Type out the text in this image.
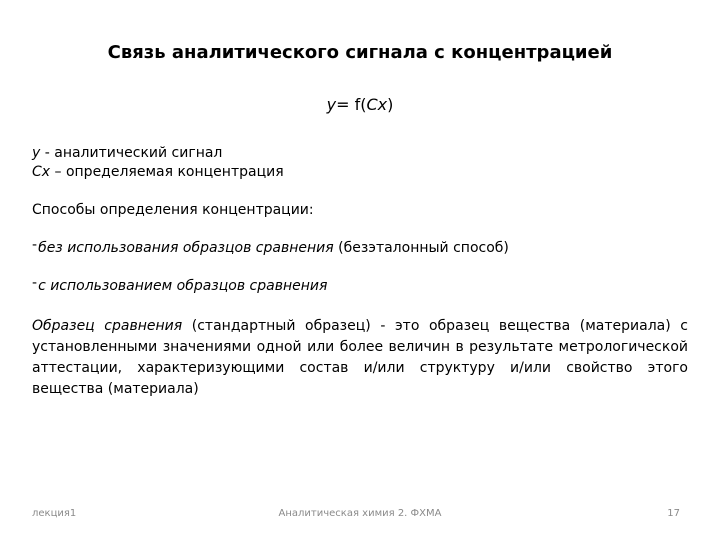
Связь аналитического сигнала с концентрацией
y= f(Cx)
y - аналитический сигнал
Cx – определяемая концентрация
Способы определения концентрации:
-без использования образцов сравнения (безэталонный способ)
-с использованием образцов сравнения
Образец сравнения (стандартный образец) - это образец вещества (материала) с установленными значениями одной или более величин в результате метрологической аттестации, характеризующими состав и/или структуру и/или свойство этого вещества (материала)
лекция1	Аналитическая химия 2. ФХМА	17
